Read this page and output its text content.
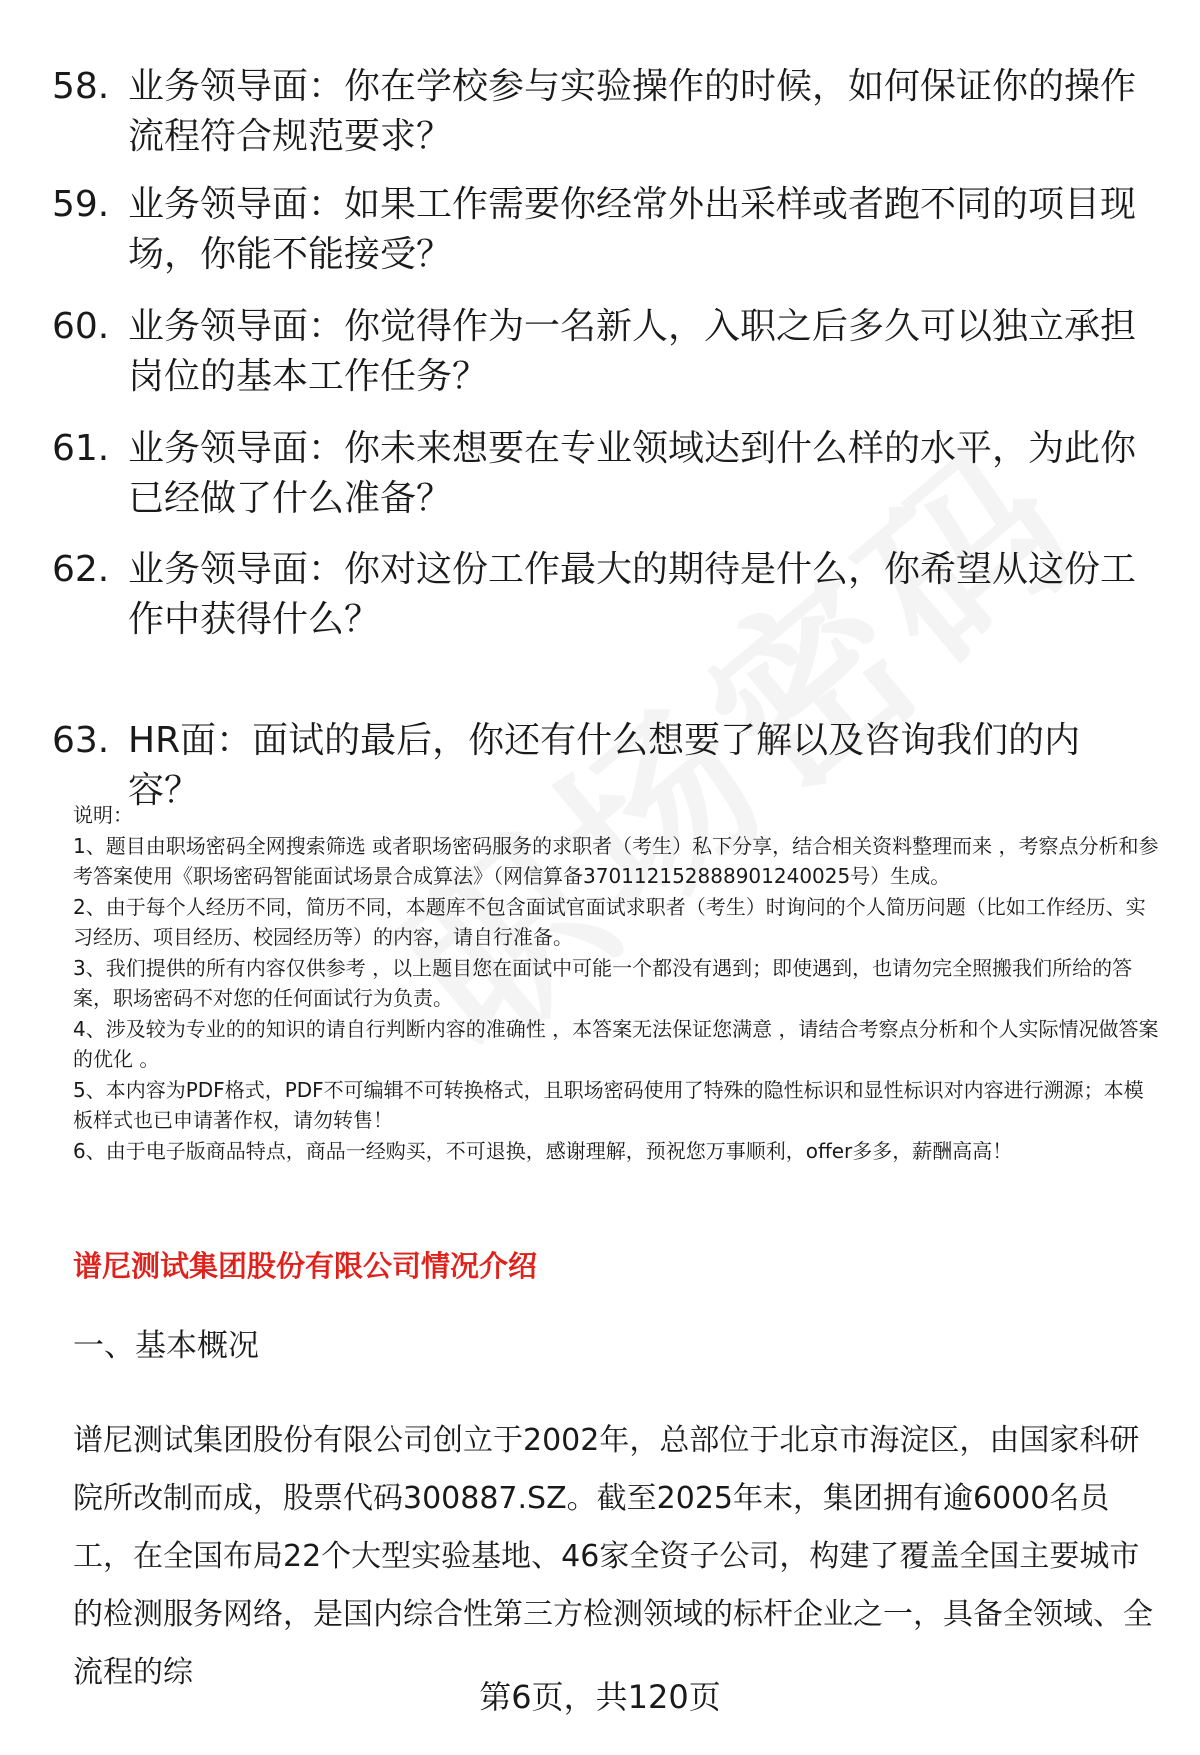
58. 业务领导面：你在学校参与实验操作的时候，如何保证你的操作流程符合规范要求？
59. 业务领导面：如果工作需要你经常外出采样或者跑不同的项目现场，你能不能接受？
60. 业务领导面：你觉得作为一名新人，入职之后多久可以独立承担岗位的基本工作任务？
61. 业务领导面：你未来想要在专业领域达到什么样的水平，为此你已经做了什么准备？
62. 业务领导面：你对这份工作最大的期待是什么，你希望从这份工作中获得什么？
63. HR面：面试的最后，你还有什么想要了解以及咨询我们的内容？
说明：
1、题目由职场密码全网搜索筛选 或者职场密码服务的求职者（考生）私下分享，结合相关资料整理而来 ，考察点分析和参考答案使用《职场密码智能面试场景合成算法》（网信算备370112152888901240025号）生成。
2、由于每个人经历不同，简历不同，本题库不包含面试官面试求职者（考生）时询问的个人简历问题（比如工作经历、实习经历、项目经历、校园经历等）的内容，请自行准备。
3、我们提供的所有内容仅供参考 ，以上题目您在面试中可能一个都没有遇到；即使遇到，也请勿完全照搬我们所给的答案，职场密码不对您的任何面试行为负责。
4、涉及较为专业的的知识的请自行判断内容的准确性 ，本答案无法保证您满意 ，请结合考察点分析和个人实际情况做答案的优化 。
5、本内容为PDF格式，PDF不可编辑不可转换格式，且职场密码使用了特殊的隐性标识和显性标识对内容进行溯源；本模板样式也已申请著作权，请勿转售！
6、由于电子版商品特点，商品一经购买，不可退换，感谢理解，预祝您万事顺利，offer多多，薪酬高高！
谱尼测试集团股份有限公司情况介绍
一、基本概况
谱尼测试集团股份有限公司创立于2002年，总部位于北京市海淀区，由国家科研院所改制而成，股票代码300887.SZ。截至2025年末，集团拥有逾6000名员工，在全国布局22个大型实验基地、46家全资子公司，构建了覆盖全国主要城市的检测服务网络，是国内综合性第三方检测领域的标杆企业之一，具备全领域、全流程的综
第6页，共120页
